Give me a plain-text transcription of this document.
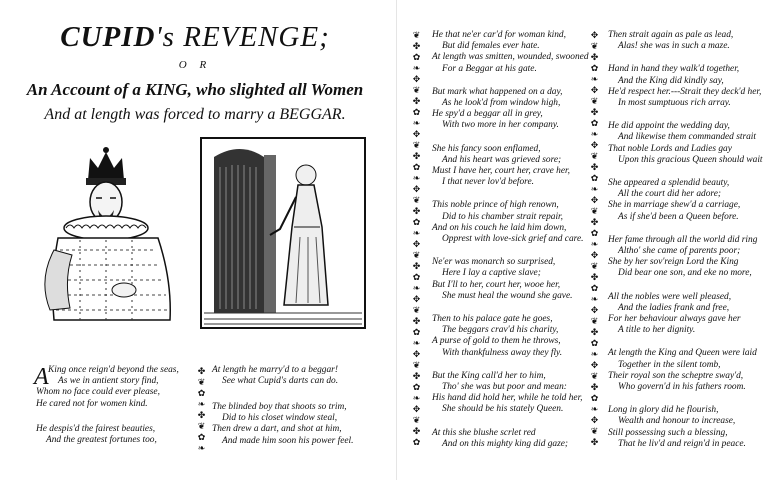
CUPID's REVENGE;
O R
An Account of a KING, who slighted all Women
And at length was forced to marry a BEGGAR.
A King once reign'd beyond the seas,
As we in antient story find,
Whom no face could ever please,
He cared not for women kind.
He despis'd the fairest beauties,
And the greatest fortunes too,
At length he marry'd to a beggar!
See what Cupid's darts can do.
The blinded boy that shoots so trim,
Did to his closet window steal,
Then drew a dart, and shot at him,
And made him soon his power feel.
✤
❦
✿
❧
✤
❦
✿
❧
❦
✤
✿
❧
✥
❦
✤
✿
❧
✥
❦
✤
✿
❧
✥
❦
✤
✿
❧
✥
❦
✤
✿
❧
✥
❦
✤
✿
❧
✥
❦
✤
✿
❧
✥
❦
✤
✿
✥
❦
✤
✿
❧
✥
❦
✤
✿
❧
✥
❦
✤
✿
❧
✥
❦
✤
✿
❧
✥
❦
✤
✿
❧
✥
❦
✤
✿
❧
✥
❦
✤
✿
❧
✥
❦
✤
He that ne'er car'd for woman kind,
But did females ever hate.
At length was smitten, wounded, swooned
For a Beggar at his gate.
But mark what happened on a day,
As he look'd from window high,
He spy'd a beggar all in grey,
With two more in her company.
She his fancy soon enflamed,
And his heart was grieved sore;
Must I have her, court her, crave her,
I that never lov'd before.
This noble prince of high renown,
Did to his chamber strait repair,
And on his couch he laid him down,
Opprest with love-sick grief and care.
Ne'er was monarch so surprised,
Here I lay a captive slave;
But I'll to her, court her, wooe her,
She must heal the wound she gave.
Then to his palace gate he goes,
The beggars crav'd his charity,
A purse of gold to them he throws,
With thankfulness away they fly.
But the King call'd her to him,
Tho' she was but poor and mean:
His hand did hold her, while he told her,
She should be his stately Queen.
At this she blushe scrlet red
And on this mighty king did gaze;
Then strait again as pale as lead,
Alas! she was in such a maze.
Hand in hand they walk'd together,
And the King did kindly say,
He'd respect her.---Strait they deck'd her,
In most sumptuous rich array.
He did appoint the wedding day,
And likewise them commanded strait
That noble Lords and Ladies gay
Upon this gracious Queen should wait
She appeared a splendid beauty,
All the court did her adore;
She in marriage shew'd a carriage,
As if she'd been a Queen before.
Her fame through all the world did ring
Altho' she came of parents poor;
She by her sov'reign Lord the King
Did bear one son, and eke no more,
All the nobles were well pleased,
And the ladies frank and free,
For her behaviour always gave her
A title to her dignity.
At length the King and Queen were laid
Together in the silent tomb,
Their royal son the scheptre sway'd,
Who govern'd in his fathers room.
Long in glory did he flourish,
Wealth and honour to increase,
Still possessing such a blessing,
That he liv'd and reign'd in peace.
